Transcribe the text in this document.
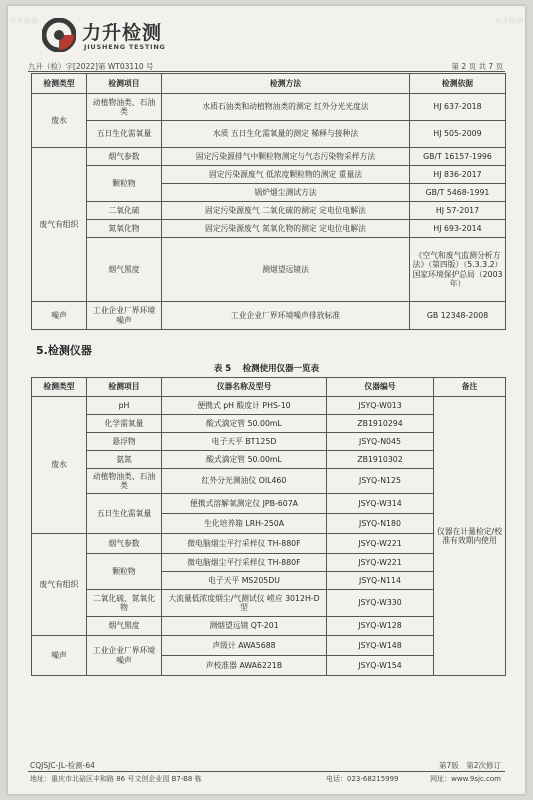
九升检测	九升检测
力升检测
JIUSHENG TESTING
九升（检）字[2022]第 WT03110 号	第 2 页 共 7 页
检测类型	检测项目	检测方法	检测依据
废水	动植物油类、石油类	水质石油类和动植物油类的测定 红外分光光度法	HJ 637-2018
	五日生化需氧量	水质 五日生化需氧量的测定 稀释与接种法	HJ 505-2009
废气有组织	烟气参数	固定污染源排气中颗粒物测定与气态污染物采样方法	GB/T 16157-1996
	颗粒物	固定污染源废气 低浓度颗粒物的测定 重量法	HJ 836-2017
		锅炉烟尘测试方法	GB/T 5468-1991
	二氧化硫	固定污染源废气 二氧化硫的测定 定电位电解法	HJ 57-2017
	氮氧化物	固定污染源废气 氮氧化物的测定 定电位电解法	HJ 693-2014
	烟气黑度	测烟望远镜法	《空气和废气监测分析方法》（第四版）（5.3.3.2）国家环境保护总局（2003 年）
噪声	工业企业厂界环境噪声	工业企业厂界环境噪声排放标准	GB 12348-2008
5.检测仪器
表 5　 检测使用仪器一览表
检测类型	检测项目	仪器名称及型号	仪器编号	备注
废水	pH	便携式 pH 酸度计 PHS-10	JSYQ-W013	仪器在计量检定/校准有效期内使用
	化学需氧量	酸式滴定管 50.00mL	ZB1910294	
	悬浮物	电子天平 BT125D	JSYQ-N045	
	氨氮	酸式滴定管 50.00mL	ZB1910302	
	动植物油类、石油类	红外分光测油仪 OIL460	JSYQ-N125	
	五日生化需氧量	便携式溶解氧测定仪 JPB-607A	JSYQ-W314	
		生化培养箱 LRH-250A	JSYQ-N180	
废气有组织	烟气参数	微电脑烟尘平行采样仪 TH-880F	JSYQ-W221	
	颗粒物	微电脑烟尘平行采样仪 TH-880F	JSYQ-W221	
		电子天平 MS205DU	JSYQ-N114	
	二氧化硫、氮氧化物	大流量低浓度烟尘/气测试仪 崂应 3012H-D 型	JSYQ-W330	
	烟气黑度	测烟望远镜 QT-201	JSYQ-W128	
噪声	工业企业厂界环境噪声	声级计 AWA5688	JSYQ-W148	
		声校准器 AWA6221B	JSYQ-W154	
CQJSJC-JL-检测-64	第7版　第2次修订
地址：重庆市北碚区丰和路 86 号文创企业园 B7-B8 栋	电话：023-68215999	网址：www.9sjc.com
